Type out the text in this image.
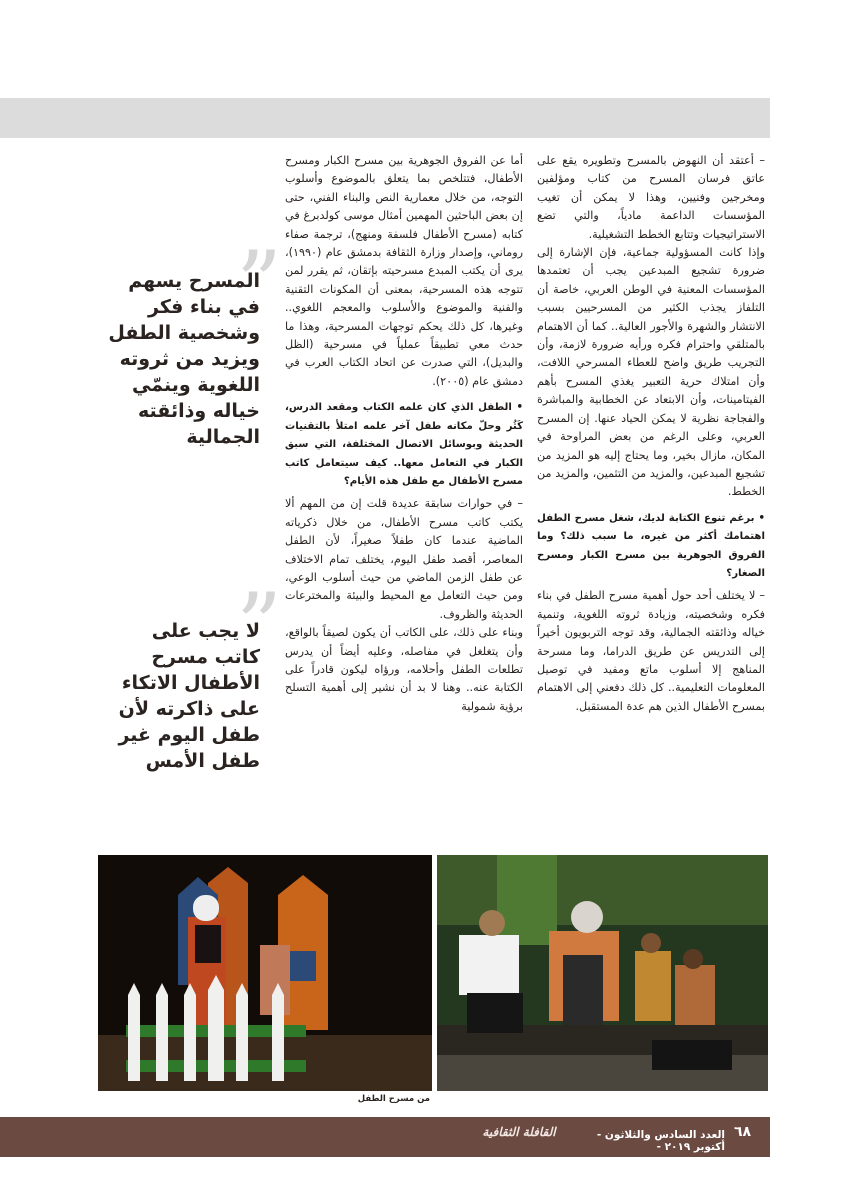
– أعتقد أن النهوض بالمسرح وتطويره يقع على عاتق فرسان المسرح من كتاب ومؤلفين ومخرجين وفنيين، وهذا لا يمكن أن تغيب المؤسسات الداعمة مادياً، والتي تضع الاستراتيجيات وتتابع الخطط التشغيلية.

وإذا كانت المسؤولية جماعية، فإن الإشارة إلى ضرورة تشجيع المبدعين يجب أن تعتمدها المؤسسات المعنية في الوطن العربي، خاصة أن التلفاز يجذب الكثير من المسرحيين بسبب الانتشار والشهرة والأجور العالية.. كما أن الاهتمام بالمتلقي واحترام فكره ورأيه ضرورة لازمة، وأن التجريب طريق واضح للعطاء المسرحي اللافت، وأن امتلاك حرية التعبير يغذي المسرح بأهم الفيتامينات، وأن الابتعاد عن الخطابية والمباشرة والفجاجة نظرية لا يمكن الحياد عنها. إن المسرح العربي، وعلى الرغم من بعض المراوحة في المكان، مازال بخير، وما يحتاج إليه هو المزيد من تشجيع المبدعين، والمزيد من التثمين، والمزيد من الخطط.

• برغم تنوع الكتابة لديك، شغل مسرح الطفل اهتمامك أكثر من غيره، ما سبب ذلك؟ وما الفروق الجوهرية بين مسرح الكبار ومسرح الصغار؟

– لا يختلف أحد حول أهمية مسرح الطفل في بناء فكره وشخصيته، وزيادة ثروته اللغوية، وتنمية خياله وذائقته الجمالية، وقد توجه التربويون أخيراً إلى التدريس عن طريق الدراما، وما مسرحة المناهج إلا أسلوب ماتع ومفيد في توصيل المعلومات التعليمية.. كل ذلك دفعني إلى الاهتمام بمسرح الأطفال الذين هم عدة المستقبل.

أما عن الفروق الجوهرية بين مسرح الكبار ومسرح الأطفال، فتتلخص بما يتعلق بالموضوع وأسلوب التوجه، من خلال معمارية النص والبناء الفني، حتى إن بعض الباحثين المهمين أمثال موسى كولدبرغ في كتابه (مسرح الأطفال فلسفة ومنهج)، ترجمة صفاء روماني، وإصدار وزارة الثقافة بدمشق عام (١٩٩٠)، يرى أن يكتب المبدع مسرحيته بإتقان، ثم يقرر لمن تتوجه هذه المسرحية، بمعنى أن المكونات التقنية والفنية والموضوع والأسلوب والمعجم اللغوي.. وغيرها، كل ذلك يحكم توجهات المسرحية، وهذا ما حدث معي تطبيقاً عملياً في مسرحية (الظل والبديل)، التي صدرت عن اتحاد الكتاب العرب في دمشق عام (٢٠٠٥).

• الطفل الذي كان علمه الكتاب ومقعد الدرس، كَثُر وحلّ مكانه طفل آخر علمه امتلأ بالتقنيات الحديثة وبوسائل الاتصال المختلفة، التي سبق الكبار في التعامل معها.. كيف سيتعامل كاتب مسرح الأطفال مع طفل هذه الأيام؟

– في حوارات سابقة عديدة قلت إن من المهم ألا يكتب كاتب مسرح الأطفال، من خلال ذكرياته الماضية عندما كان طفلاً صغيراً، لأن الطفل المعاصر، أقصد طفل اليوم، يختلف تمام الاختلاف عن طفل الزمن الماضي من حيث أسلوب الوعي، ومن حيث التعامل مع المحيط والبيئة والمخترعات الحديثة والظروف.

وبناء على ذلك، على الكاتب أن يكون لصيقاً بالواقع، وأن يتغلغل في مفاصله، وعليه أيضاً أن يدرس تطلعات الطفل وأحلامه، ورؤاه ليكون قادراً على الكتابة عنه.. وهنا لا بد أن نشير إلى أهمية التسلح برؤية شمولية

”
المسرح يسهم في بناء فكر وشخصية الطفل ويزيد من ثروته اللغوية وينمّي خياله وذائقته الجمالية
”
لا يجب على كاتب مسرح الأطفال الاتكاء على ذاكرته لأن طفل اليوم غير طفل الأمس
من مسرح الطفل
٦٨
العدد السادس والثلاثون - أكتوبر ٢٠١٩ -
القافلة الثقافية
